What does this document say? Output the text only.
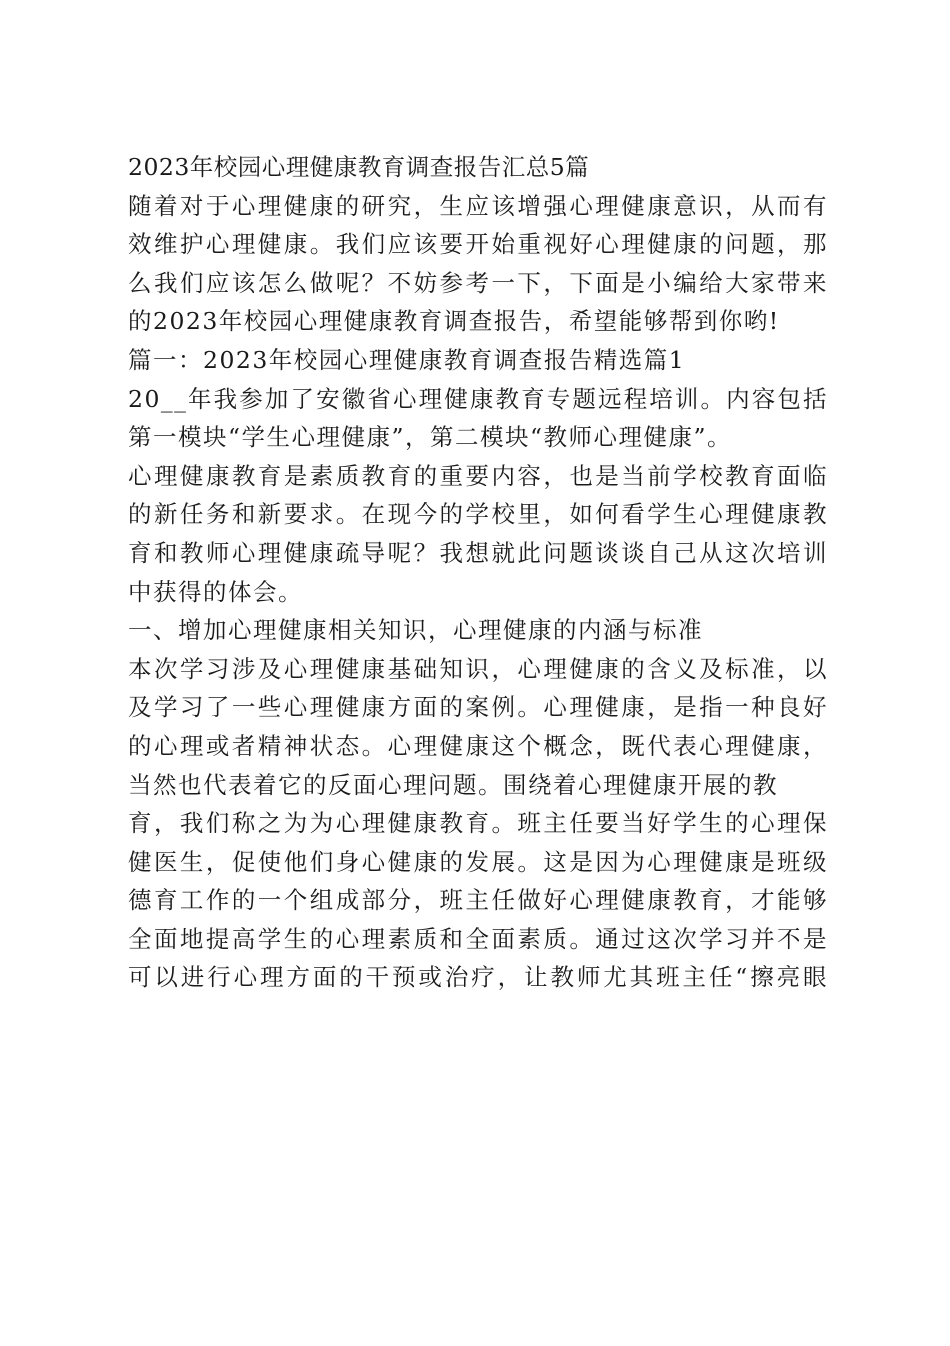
2023年校园心理健康教育调查报告汇总5篇
随着对于心理健康的研究，生应该增强心理健康意识，从而有
效维护心理健康。我们应该要开始重视好心理健康的问题，那
么我们应该怎么做呢？不妨参考一下，下面是小编给大家带来
的2023年校园心理健康教育调查报告，希望能够帮到你哟!
篇一：2023年校园心理健康教育调查报告精选篇1
20__年我参加了安徽省心理健康教育专题远程培训。内容包括
第一模块“学生心理健康”，第二模块“教师心理健康”。
心理健康教育是素质教育的重要内容，也是当前学校教育面临
的新任务和新要求。在现今的学校里，如何看学生心理健康教
育和教师心理健康疏导呢？我想就此问题谈谈自己从这次培训
中获得的体会。
一、增加心理健康相关知识，心理健康的内涵与标准
本次学习涉及心理健康基础知识，心理健康的含义及标准，以
及学习了一些心理健康方面的案例。心理健康，是指一种良好
的心理或者精神状态。心理健康这个概念，既代表心理健康，
当然也代表着它的反面心理问题。围绕着心理健康开展的教
育，我们称之为为心理健康教育。班主任要当好学生的心理保
健医生，促使他们身心健康的发展。这是因为心理健康是班级
德育工作的一个组成部分，班主任做好心理健康教育，才能够
全面地提高学生的心理素质和全面素质。通过这次学习并不是
可以进行心理方面的干预或治疗，让教师尤其班主任“擦亮眼
